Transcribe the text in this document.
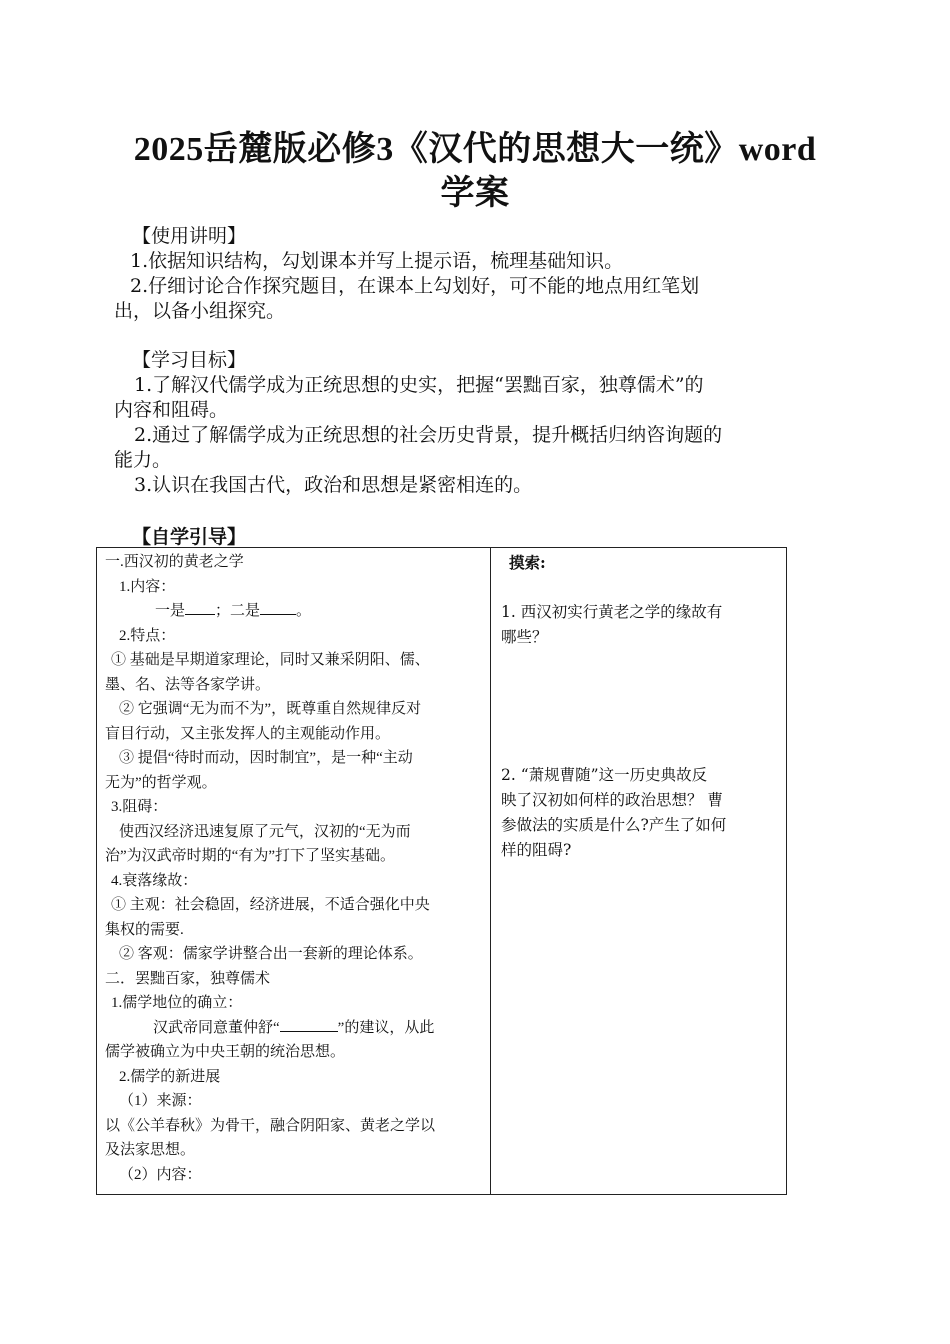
2025岳麓版必修3《汉代的思想大一统》word
学案

【使用讲明】

1.依据知识结构，勾划课本并写上提示语，梳理基础知识。

2.仔细讨论合作探究题目，在课本上勾划好，可不能的地点用红笔划

出，以备小组探究。

【学习目标】

1.了解汉代儒学成为正统思想的史实，把握“罢黜百家，独尊儒术”的

内容和阻碍。

2.通过了解儒学成为正统思想的社会历史背景，提升概括归纳咨询题的

能力。

3.认识在我国古代，政治和思想是紧密相连的。

【自学引导】
一.西汉初的黄老之学
1.内容：
一是 ；二是 。
2.特点：
① 基础是早期道家理论，同时又兼采阴阳、儒、
墨、名、法等各家学讲。
② 它强调“无为而不为”，既尊重自然规律反对
盲目行动，又主张发挥人的主观能动作用。
③ 提倡“待时而动，因时制宜”，是一种“主动
无为”的哲学观。
3.阻碍：
使西汉经济迅速复原了元气，汉初的“无为而
治”为汉武帝时期的“有为”打下了坚实基础。
4.衰落缘故：
① 主观：社会稳固，经济进展，不适合强化中央
集权的需要.
② 客观：儒家学讲整合出一套新的理论体系。
二．罢黜百家，独尊儒术
1.儒学地位的确立：
汉武帝同意董仲舒“	”的建议，从此
儒学被确立为中央王朝的统治思想。
2.儒学的新进展
（1）来源：
以《公羊春秋》为骨干，融合阴阳家、黄老之学以
及法家思想。
（2）内容：

摸索:
1. 西汉初实行黄老之学的缘故有
哪些？
2. “萧规曹随”这一历史典故反
映了汉初如何样的政治思想？ 曹
参做法的实质是什么?产生了如何
样的阻碍?
